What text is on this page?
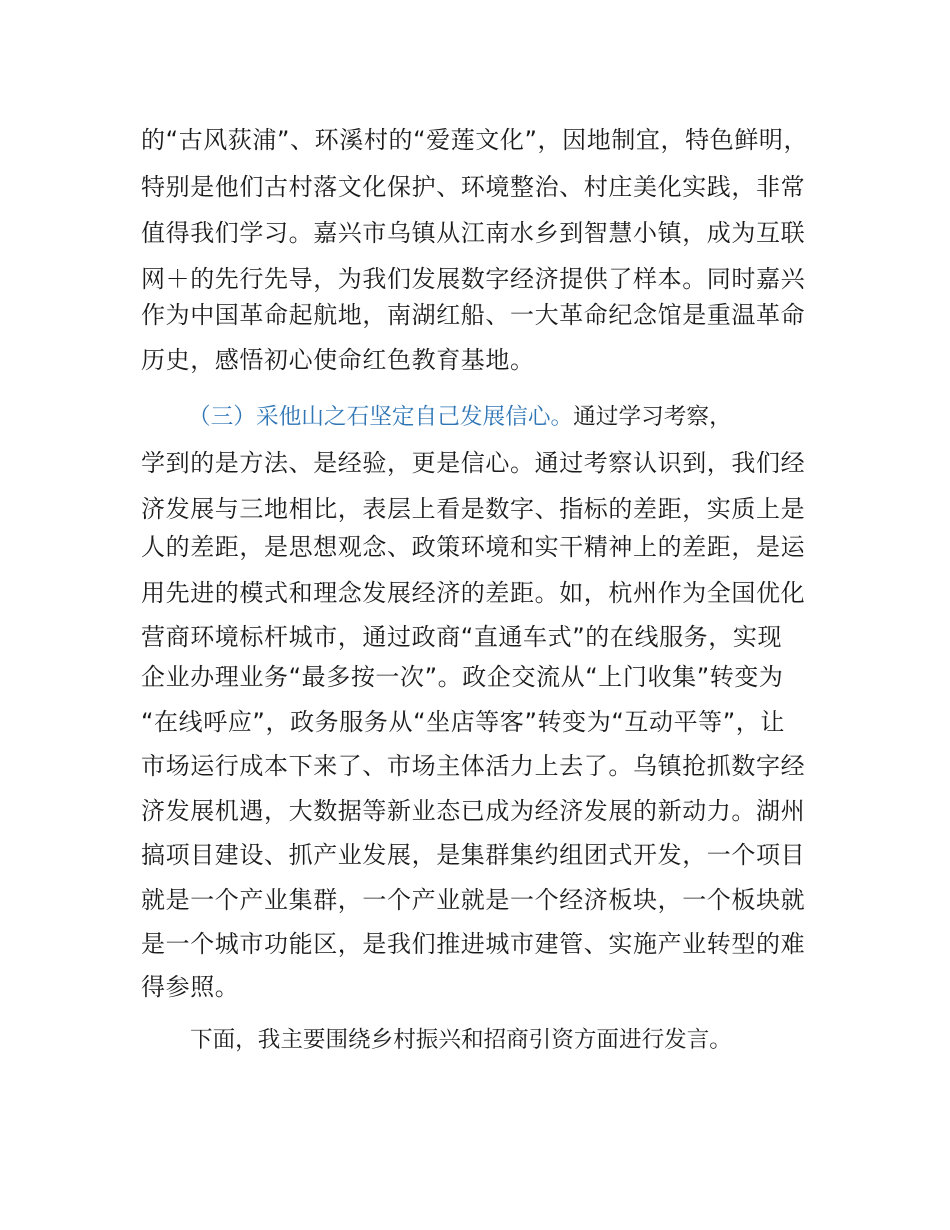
的“古风荻浦”、环溪村的“爱莲文化”，因地制宜，特色鲜明，
特别是他们古村落文化保护、环境整治、村庄美化实践，非常
值得我们学习。嘉兴市乌镇从江南水乡到智慧小镇，成为互联
网＋的先行先导，为我们发展数字经济提供了样本。同时嘉兴
作为中国革命起航地，南湖红船、一大革命纪念馆是重温革命
历史，感悟初心使命红色教育基地。
（三）采他山之石坚定自己发展信心。通过学习考察，
学到的是方法、是经验，更是信心。通过考察认识到，我们经
济发展与三地相比，表层上看是数字、指标的差距，实质上是
人的差距，是思想观念、政策环境和实干精神上的差距，是运
用先进的模式和理念发展经济的差距。如，杭州作为全国优化
营商环境标杆城市，通过政商“直通车式”的在线服务，实现
企业办理业务“最多按一次”。政企交流从“上门收集”转变为
“在线呼应”，政务服务从“坐店等客”转变为“互动平等”，让
市场运行成本下来了、市场主体活力上去了。乌镇抢抓数字经
济发展机遇，大数据等新业态已成为经济发展的新动力。湖州
搞项目建设、抓产业发展，是集群集约组团式开发，一个项目
就是一个产业集群，一个产业就是一个经济板块，一个板块就
是一个城市功能区，是我们推进城市建管、实施产业转型的难
得参照。
下面，我主要围绕乡村振兴和招商引资方面进行发言。
